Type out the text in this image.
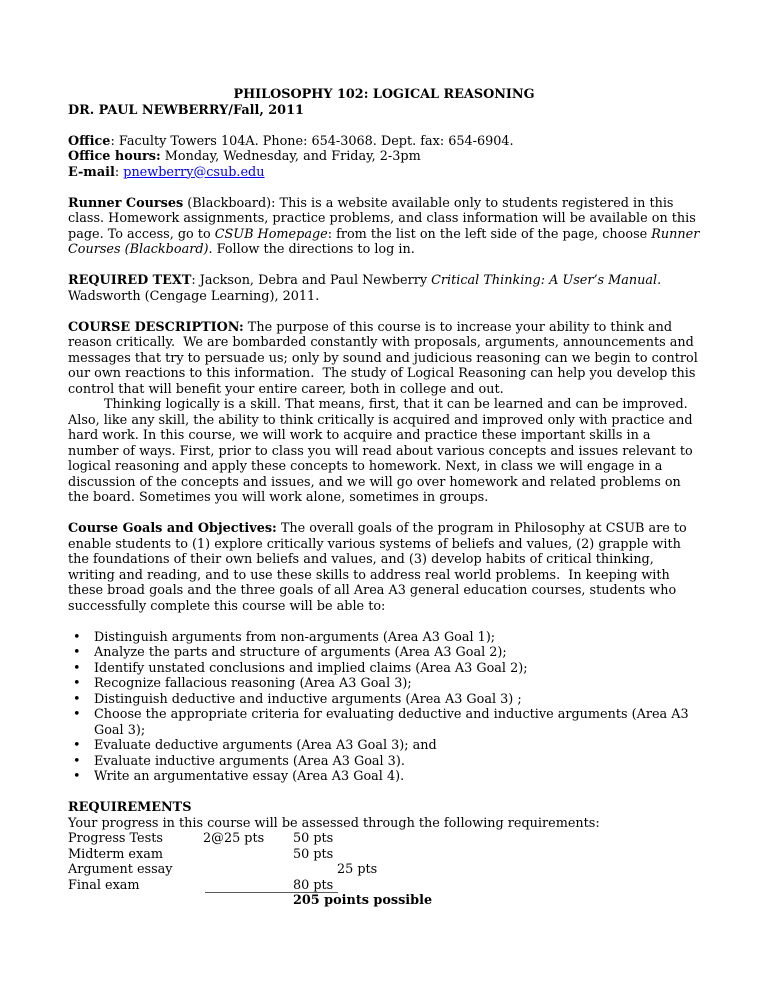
PHILOSOPHY 102: LOGICAL REASONING
DR. PAUL NEWBERRY/Fall, 2011
Office: Faculty Towers 104A. Phone: 654-3068. Dept. fax: 654-6904.
Office hours: Monday, Wednesday, and Friday, 2-3pm
E-mail: pnewberry@csub.edu
Runner Courses (Blackboard): This is a website available only to students registered in this class. Homework assignments, practice problems, and class information will be available on this page. To access, go to CSUB Homepage: from the list on the left side of the page, choose Runner Courses (Blackboard). Follow the directions to log in.
REQUIRED TEXT: Jackson, Debra and Paul Newberry Critical Thinking: A User’s Manual. Wadsworth (Cengage Learning), 2011.
COURSE DESCRIPTION: The purpose of this course is to increase your ability to think and reason critically.  We are bombarded constantly with proposals, arguments, announcements and messages that try to persuade us; only by sound and judicious reasoning can we begin to control our own reactions to this information.  The study of Logical Reasoning can help you develop this control that will benefit your entire career, both in college and out.
Thinking logically is a skill. That means, first, that it can be learned and can be improved. Also, like any skill, the ability to think critically is acquired and improved only with practice and hard work. In this course, we will work to acquire and practice these important skills in a number of ways. First, prior to class you will read about various concepts and issues relevant to logical reasoning and apply these concepts to homework. Next, in class we will engage in a discussion of the concepts and issues, and we will go over homework and related problems on the board. Sometimes you will work alone, sometimes in groups.
Course Goals and Objectives: The overall goals of the program in Philosophy at CSUB are to enable students to (1) explore critically various systems of beliefs and values, (2) grapple with the foundations of their own beliefs and values, and (3) develop habits of critical thinking, writing and reading, and to use these skills to address real world problems.  In keeping with these broad goals and the three goals of all Area A3 general education courses, students who successfully complete this course will be able to:
• Distinguish arguments from non-arguments (Area A3 Goal 1);
• Analyze the parts and structure of arguments (Area A3 Goal 2);
• Identify unstated conclusions and implied claims (Area A3 Goal 2);
• Recognize fallacious reasoning (Area A3 Goal 3);
• Distinguish deductive and inductive arguments (Area A3 Goal 3) ;
• Choose the appropriate criteria for evaluating deductive and inductive arguments (Area A3 Goal 3);
• Evaluate deductive arguments (Area A3 Goal 3); and
• Evaluate inductive arguments (Area A3 Goal 3).
• Write an argumentative essay (Area A3 Goal 4).
REQUIREMENTS
Your progress in this course will be assessed through the following requirements:
Progress Tests	2@25 pts 50 pts
Midterm exam	50 pts
Argument essay	25 pts
Final exam	80 pts
205 points possible
